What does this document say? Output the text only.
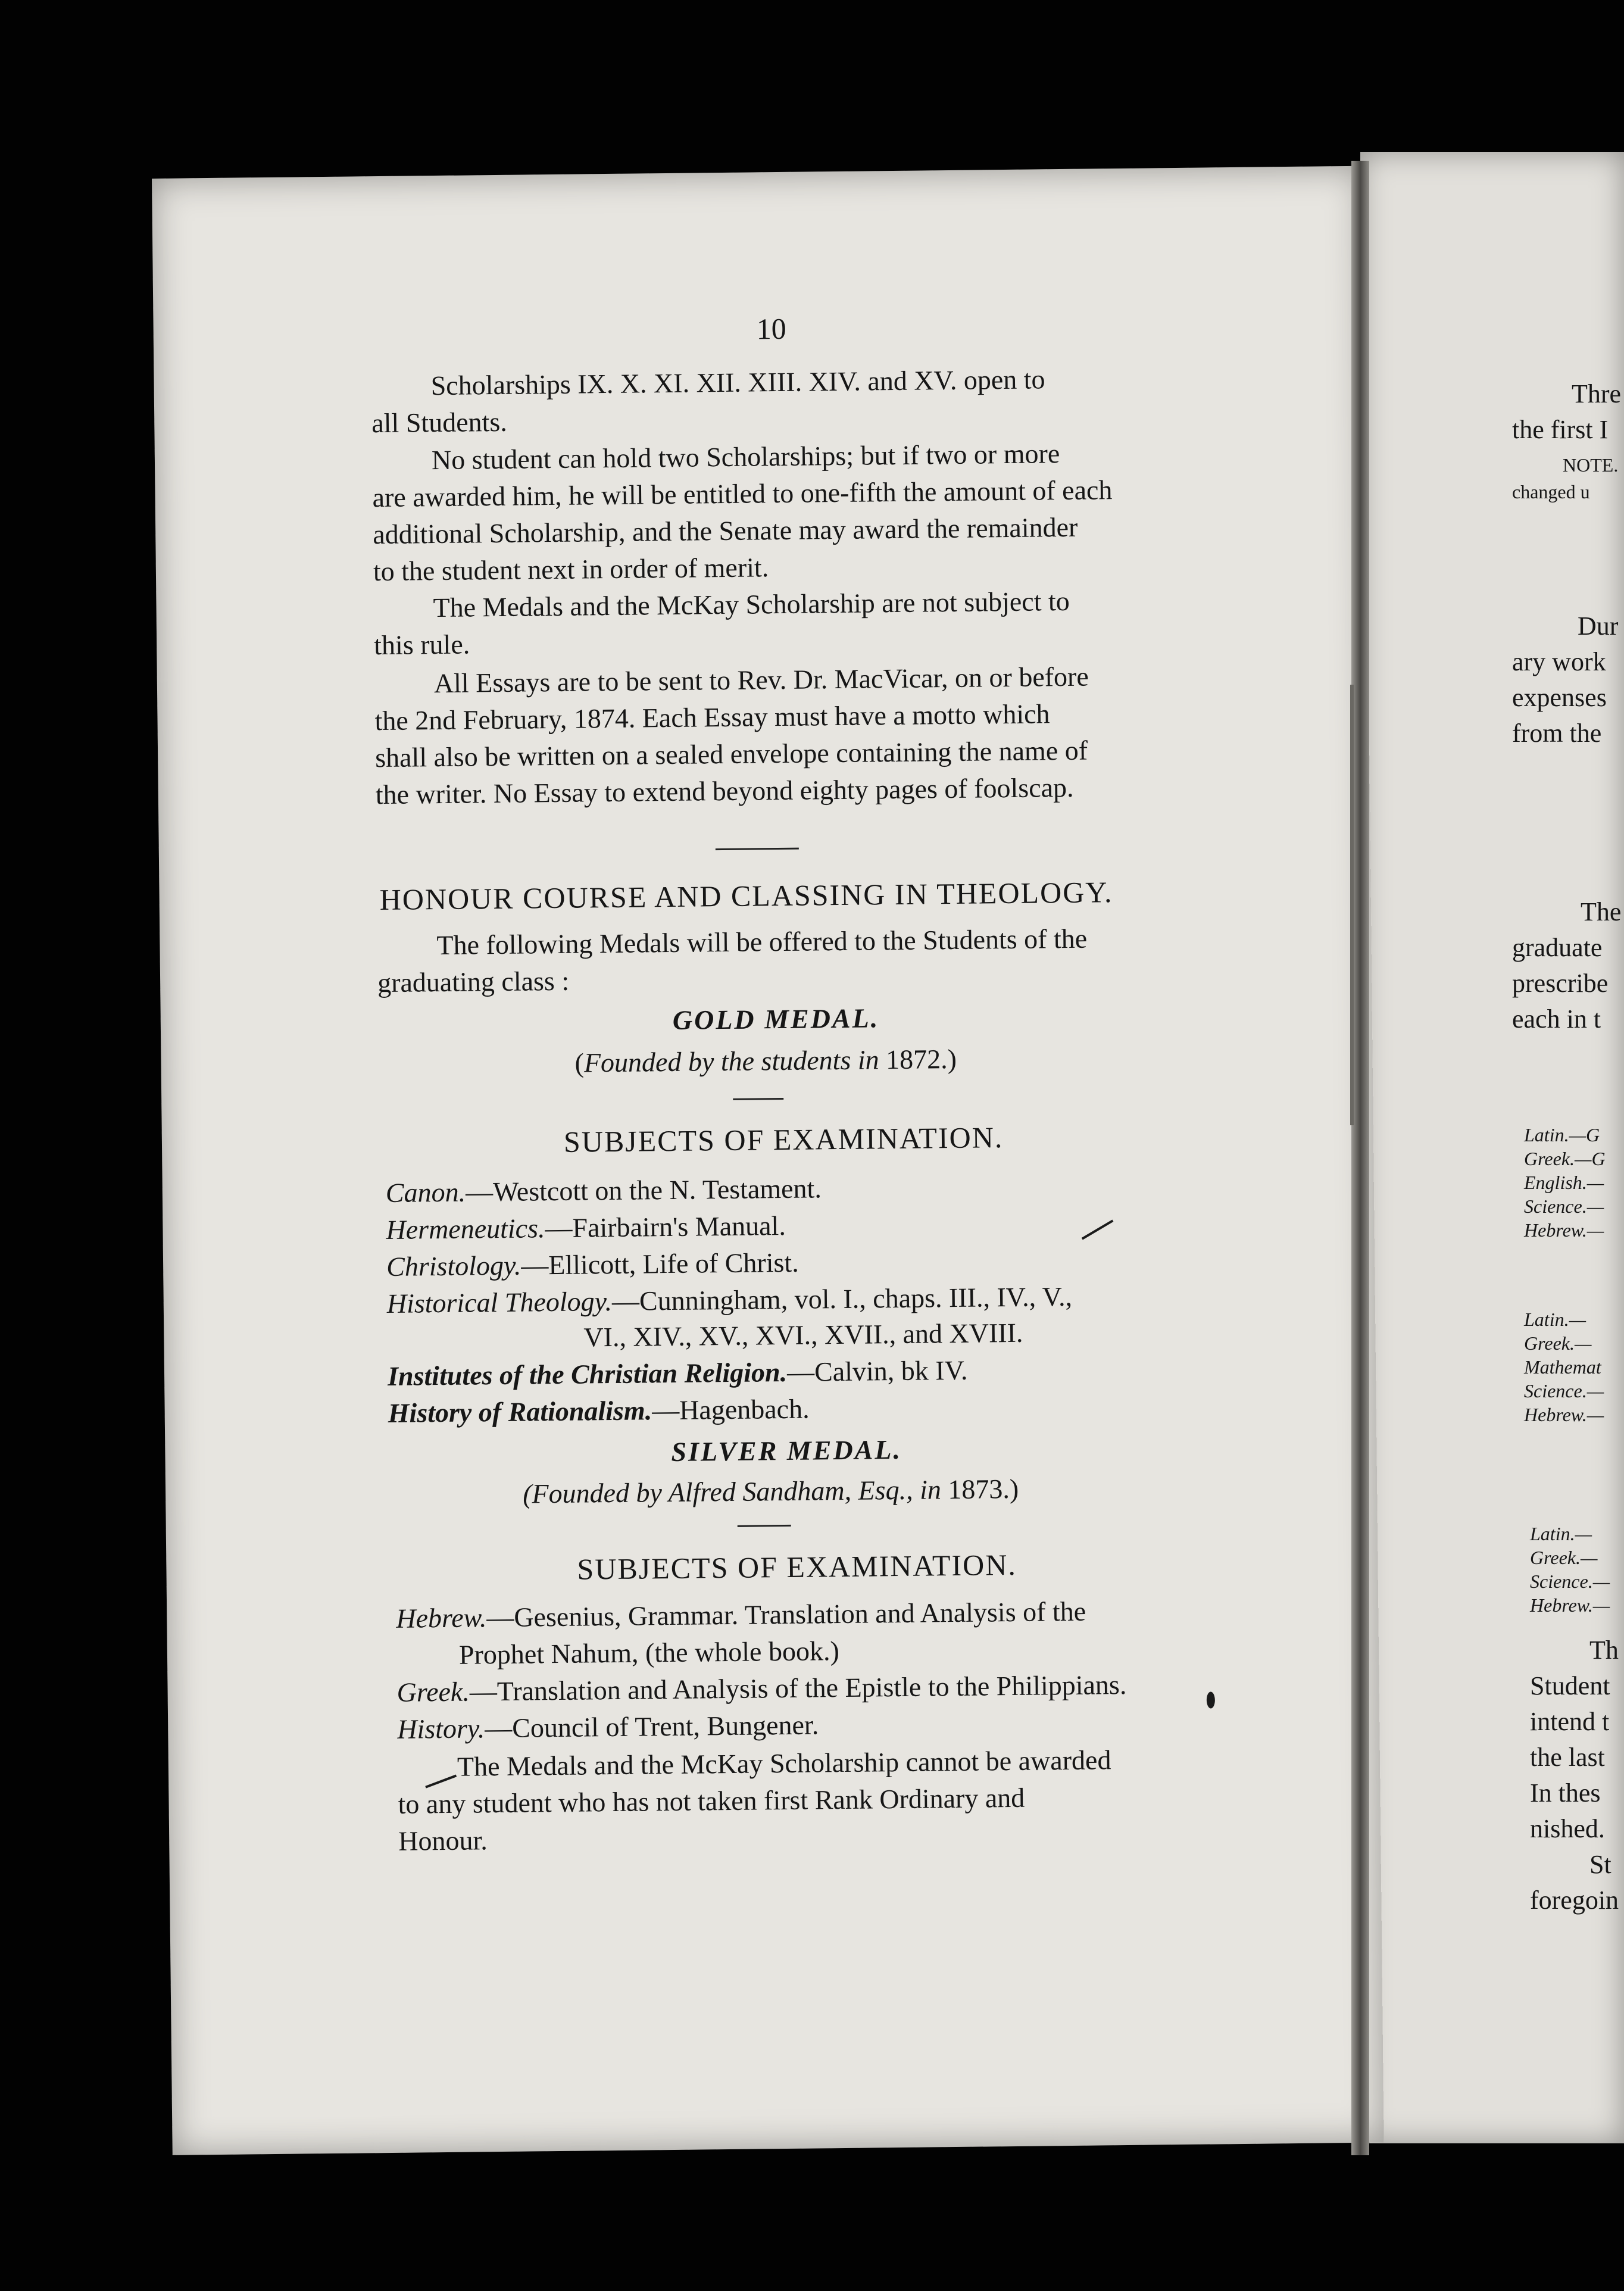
Thre
the first I
NOTE.
changed u
Dur
ary work
expenses
from the
The
graduate
prescribe
each in t
Latin.—G
Greek.—G
English.—
Science.—
Hebrew.—
Latin.—
Greek.—
Mathemat
Science.—
Hebrew.—
Latin.—
Greek.—
Science.—
Hebrew.—
Th
Student
intend t
the last
In thes
nished.
St
foregoin
10
Scholarships IX. X. XI. XII. XIII. XIV. and XV. open to
all Students.
No student can hold two Scholarships; but if two or more
are awarded him, he will be entitled to one-fifth the amount of each
additional Scholarship, and the Senate may award the remainder
to the student next in order of merit.
The Medals and the McKay Scholarship are not subject to
this rule.
All Essays are to be sent to Rev. Dr. MacVicar, on or before
the 2nd February, 1874. Each Essay must have a motto which
shall also be written on a sealed envelope containing the name of
the writer. No Essay to extend beyond eighty pages of foolscap.
HONOUR COURSE AND CLASSING IN THEOLOGY.
The following Medals will be offered to the Students of the
graduating class :
GOLD MEDAL.
(Founded by the students in 1872.)
SUBJECTS OF EXAMINATION.
Canon.—Westcott on the N. Testament.
Hermeneutics.—Fairbairn's Manual.
Christology.—Ellicott, Life of Christ.
Historical Theology.—Cunningham, vol. I., chaps. III., IV., V.,
VI., XIV., XV., XVI., XVII., and XVIII.
Institutes of the Christian Religion.—Calvin, bk IV.
History of Rationalism.—Hagenbach.
SILVER MEDAL.
(Founded by Alfred Sandham, Esq., in 1873.)
SUBJECTS OF EXAMINATION.
Hebrew.—Gesenius, Grammar. Translation and Analysis of the
Prophet Nahum, (the whole book.)
Greek.—Translation and Analysis of the Epistle to the Philippians.
History.—Council of Trent, Bungener.
The Medals and the McKay Scholarship cannot be awarded
to any student who has not taken first Rank Ordinary and
Honour.
